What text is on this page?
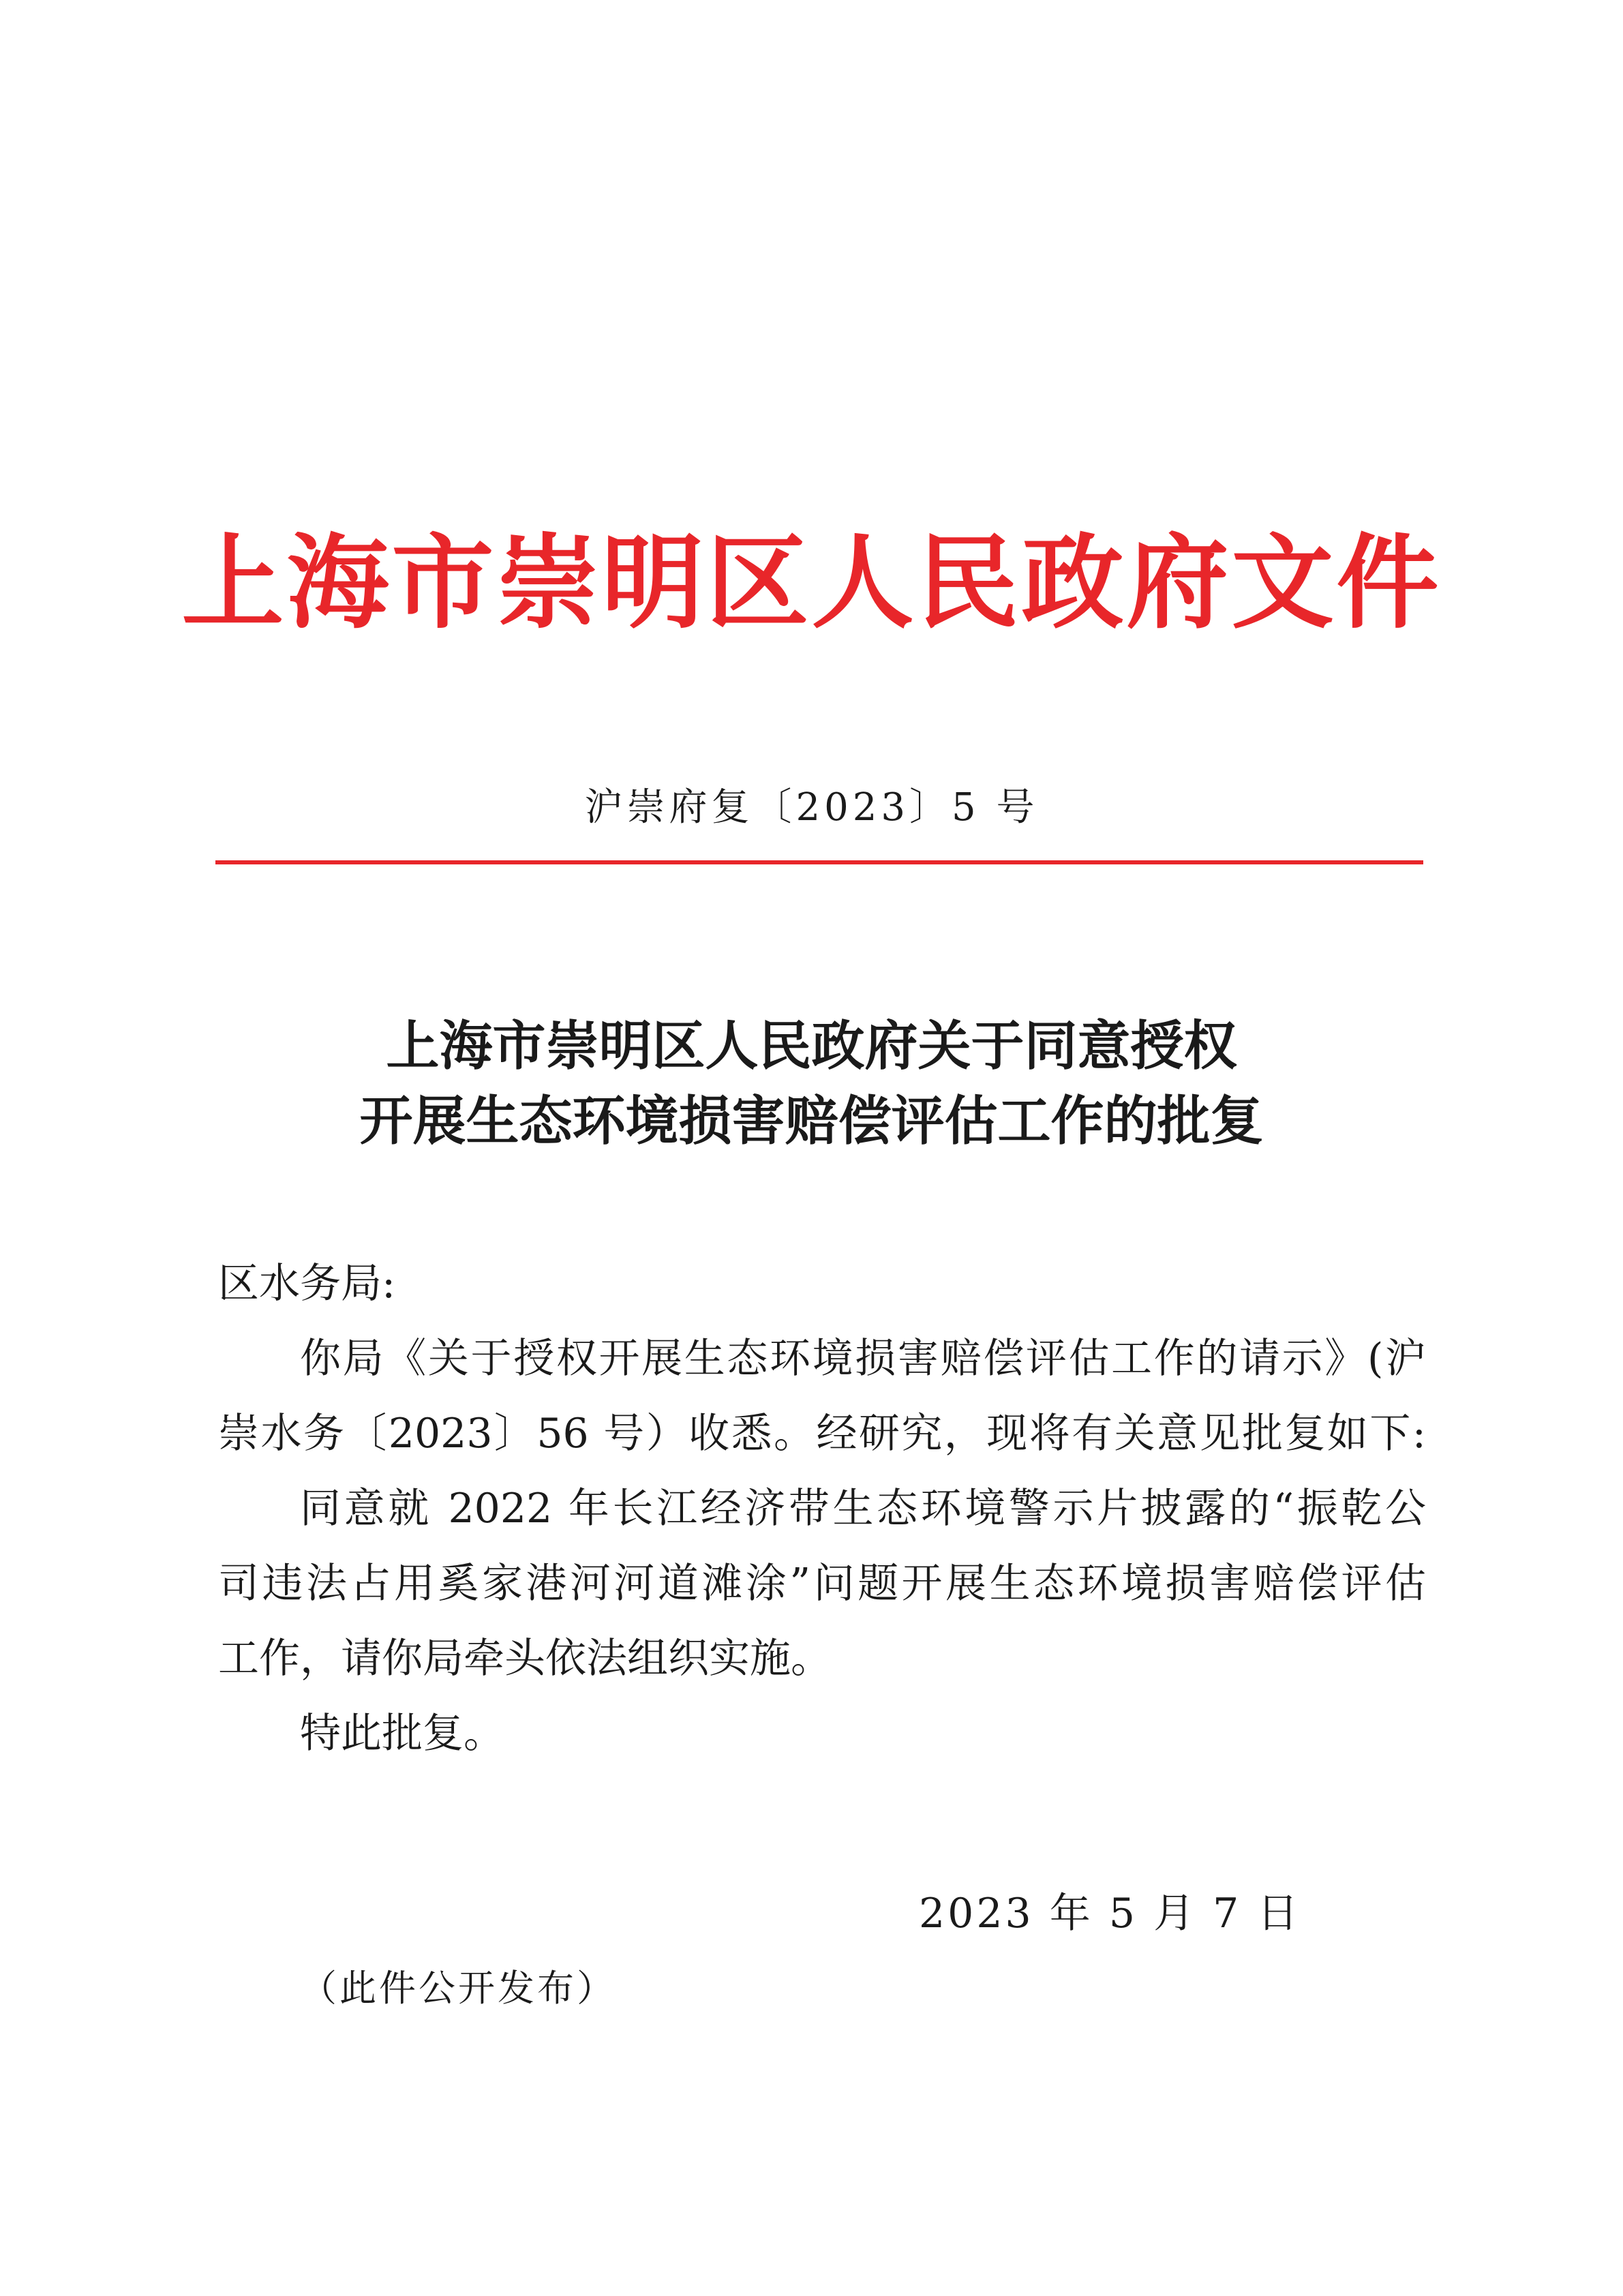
上海市崇明区人民政府文件
沪崇府复〔2023〕5 号
上海市崇明区人民政府关于同意授权
开展生态环境损害赔偿评估工作的批复
区水务局:
你局《关于授权开展生态环境损害赔偿评估工作的请示》(沪
崇水务〔2023〕56 号）收悉。经研究，现将有关意见批复如下:
同意就 2022 年长江经济带生态环境警示片披露的“振乾公
司违法占用奚家港河河道滩涂”问题开展生态环境损害赔偿评估
工作，请你局牵头依法组织实施。
特此批复。
2023 年 5 月 7 日
（此件公开发布）
